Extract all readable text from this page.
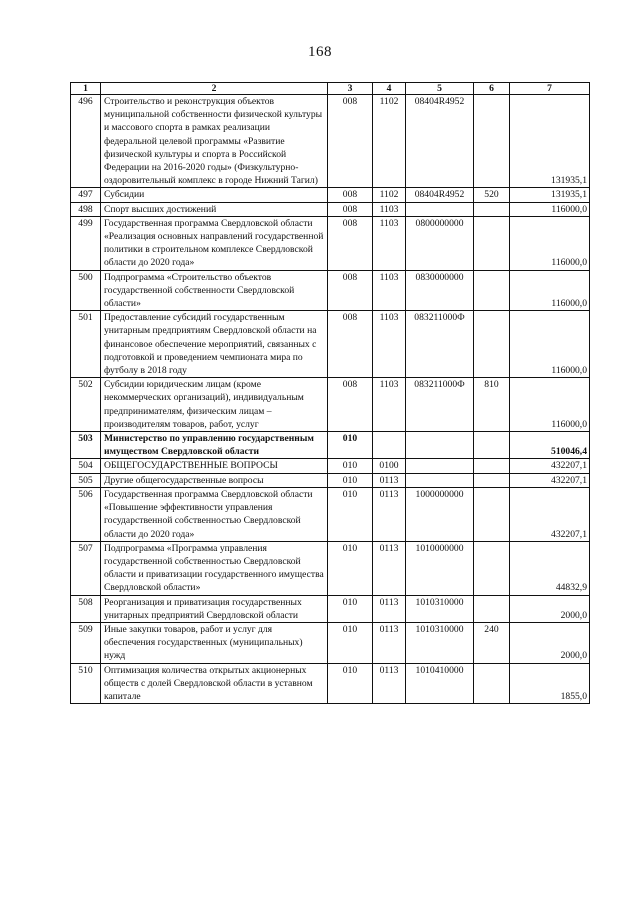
168
1	2	3	4	5	6	7
496	Строительство и реконструкция объектов муниципальной собственности физической культуры и массового спорта в рамках реализации федеральной целевой программы «Развитие физической культуры и спорта в Российской Федерации на 2016-2020 годы» (Физкультурно-оздоровительный комплекс в городе Нижний Тагил)	008	1102	08404R4952		131935,1
497	Субсидии	008	1102	08404R4952	520	131935,1
498	Спорт высших достижений	008	1103			116000,0
499	Государственная программа Свердловской области «Реализация основных направлений государственной политики в строительном комплексе Свердловской области до 2020 года»	008	1103	0800000000		116000,0
500	Подпрограмма «Строительство объектов государственной собственности Свердловской области»	008	1103	0830000000		116000,0
501	Предоставление субсидий государственным унитарным предприятиям Свердловской области на финансовое обеспечение мероприятий, связанных с подготовкой и проведением чемпионата мира по футболу в 2018 году	008	1103	083211000Ф		116000,0
502	Субсидии юридическим лицам (кроме некоммерческих организаций), индивидуальным предпринимателям, физическим лицам – производителям товаров, работ, услуг	008	1103	083211000Ф	810	116000,0
503	Министерство по управлению государственным имуществом Свердловской области	010				510046,4
504	ОБЩЕГОСУДАРСТВЕННЫЕ ВОПРОСЫ	010	0100			432207,1
505	Другие общегосударственные вопросы	010	0113			432207,1
506	Государственная программа Свердловской области «Повышение эффективности управления государственной собственностью Свердловской области до 2020 года»	010	0113	1000000000		432207,1
507	Подпрограмма «Программа управления государственной собственностью Свердловской области и приватизации государственного имущества Свердловской области»	010	0113	1010000000		44832,9
508	Реорганизация и приватизация государственных унитарных предприятий Свердловской области	010	0113	1010310000		2000,0
509	Иные закупки товаров, работ и услуг для обеспечения государственных (муниципальных) нужд	010	0113	1010310000	240	2000,0
510	Оптимизация количества открытых акционерных обществ с долей Свердловской области в уставном капитале	010	0113	1010410000		1855,0
